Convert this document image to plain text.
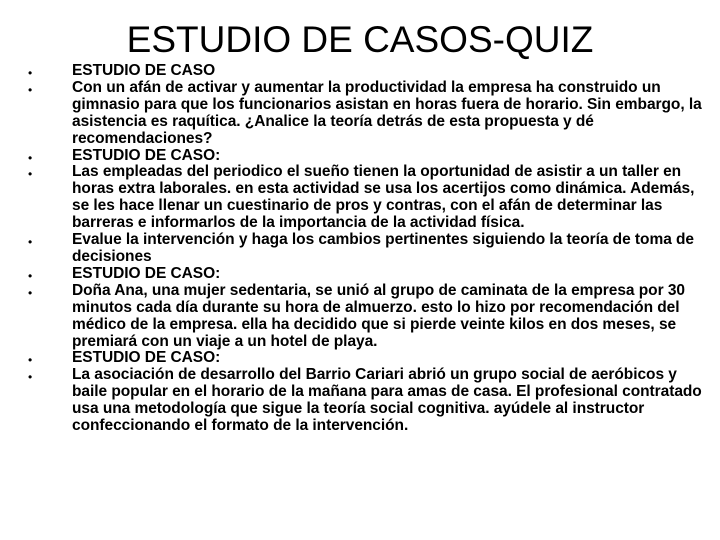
ESTUDIO DE CASOS-QUIZ
•	ESTUDIO DE CASO
•	Con un afán de activar y aumentar la productividad la empresa ha construido un gimnasio para que los funcionarios asistan en horas fuera de horario. Sin embargo, la asistencia es raquítica. ¿Analice la teoría detrás de esta propuesta y dé recomendaciones?
•	ESTUDIO DE CASO:
•	Las empleadas del periodico el sueño tienen la oportunidad de asistir a un taller en horas extra laborales. en esta actividad se usa los acertijos como dinámica. Además, se les hace llenar un cuestinario de pros y contras, con el afán de determinar las barreras e informarlos de la importancia de la actividad física.
•	Evalue la intervención y haga los cambios pertinentes siguiendo la teoría de toma de decisiones
•	ESTUDIO DE CASO:
•	Doña Ana, una mujer sedentaria, se unió al grupo de caminata de la empresa por 30 minutos cada día durante su hora de almuerzo. esto lo hizo por recomendación del médico de la empresa. ella ha decidido que si pierde veinte kilos en dos meses, se premiará con un viaje a un hotel de playa.
•	ESTUDIO DE CASO:
•	La asociación de desarrollo del Barrio Cariari abrió un grupo social de aeróbicos y baile popular en el horario de la mañana para amas de casa. El profesional contratado usa una metodología que sigue la teoría social cognitiva. ayúdele al instructor confeccionando el formato de la intervención.
